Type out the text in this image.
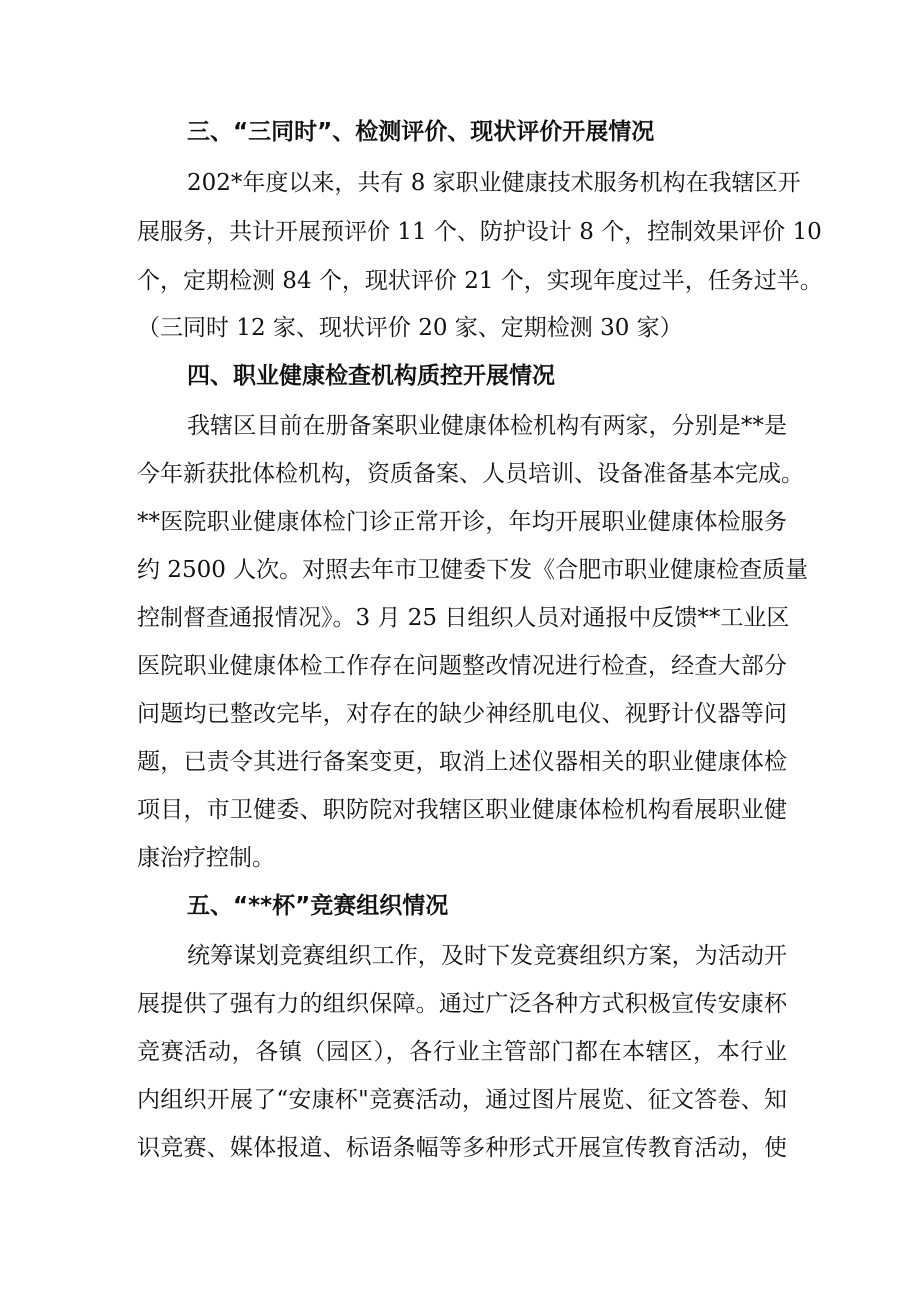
三、“三同时”、检测评价、现状评价开展情况
202*年度以来，共有 8 家职业健康技术服务机构在我辖区开
展服务，共计开展预评价 11 个、防护设计 8 个，控制效果评价 10
个，定期检测 84 个，现状评价 21 个，实现年度过半，任务过半。
（三同时 12 家、现状评价 20 家、定期检测 30 家）
四、职业健康检查机构质控开展情况
我辖区目前在册备案职业健康体检机构有两家，分别是**是
今年新获批体检机构，资质备案、人员培训、设备准备基本完成。
**医院职业健康体检门诊正常开诊，年均开展职业健康体检服务
约 2500 人次。对照去年市卫健委下发《合肥市职业健康检查质量
控制督查通报情况》。3 月 25 日组织人员对通报中反馈**工业区
医院职业健康体检工作存在问题整改情况进行检查，经查大部分
问题均已整改完毕，对存在的缺少神经肌电仪、视野计仪器等问
题，已责令其进行备案变更，取消上述仪器相关的职业健康体检
项目，市卫健委、职防院对我辖区职业健康体检机构看展职业健
康治疗控制。
五、“**杯”竞赛组织情况
统筹谋划竞赛组织工作，及时下发竞赛组织方案，为活动开
展提供了强有力的组织保障。通过广泛各种方式积极宣传安康杯
竞赛活动，各镇（园区），各行业主管部门都在本辖区，本行业
内组织开展了“安康杯"竞赛活动，通过图片展览、征文答卷、知
识竞赛、媒体报道、标语条幅等多种形式开展宣传教育活动，使
